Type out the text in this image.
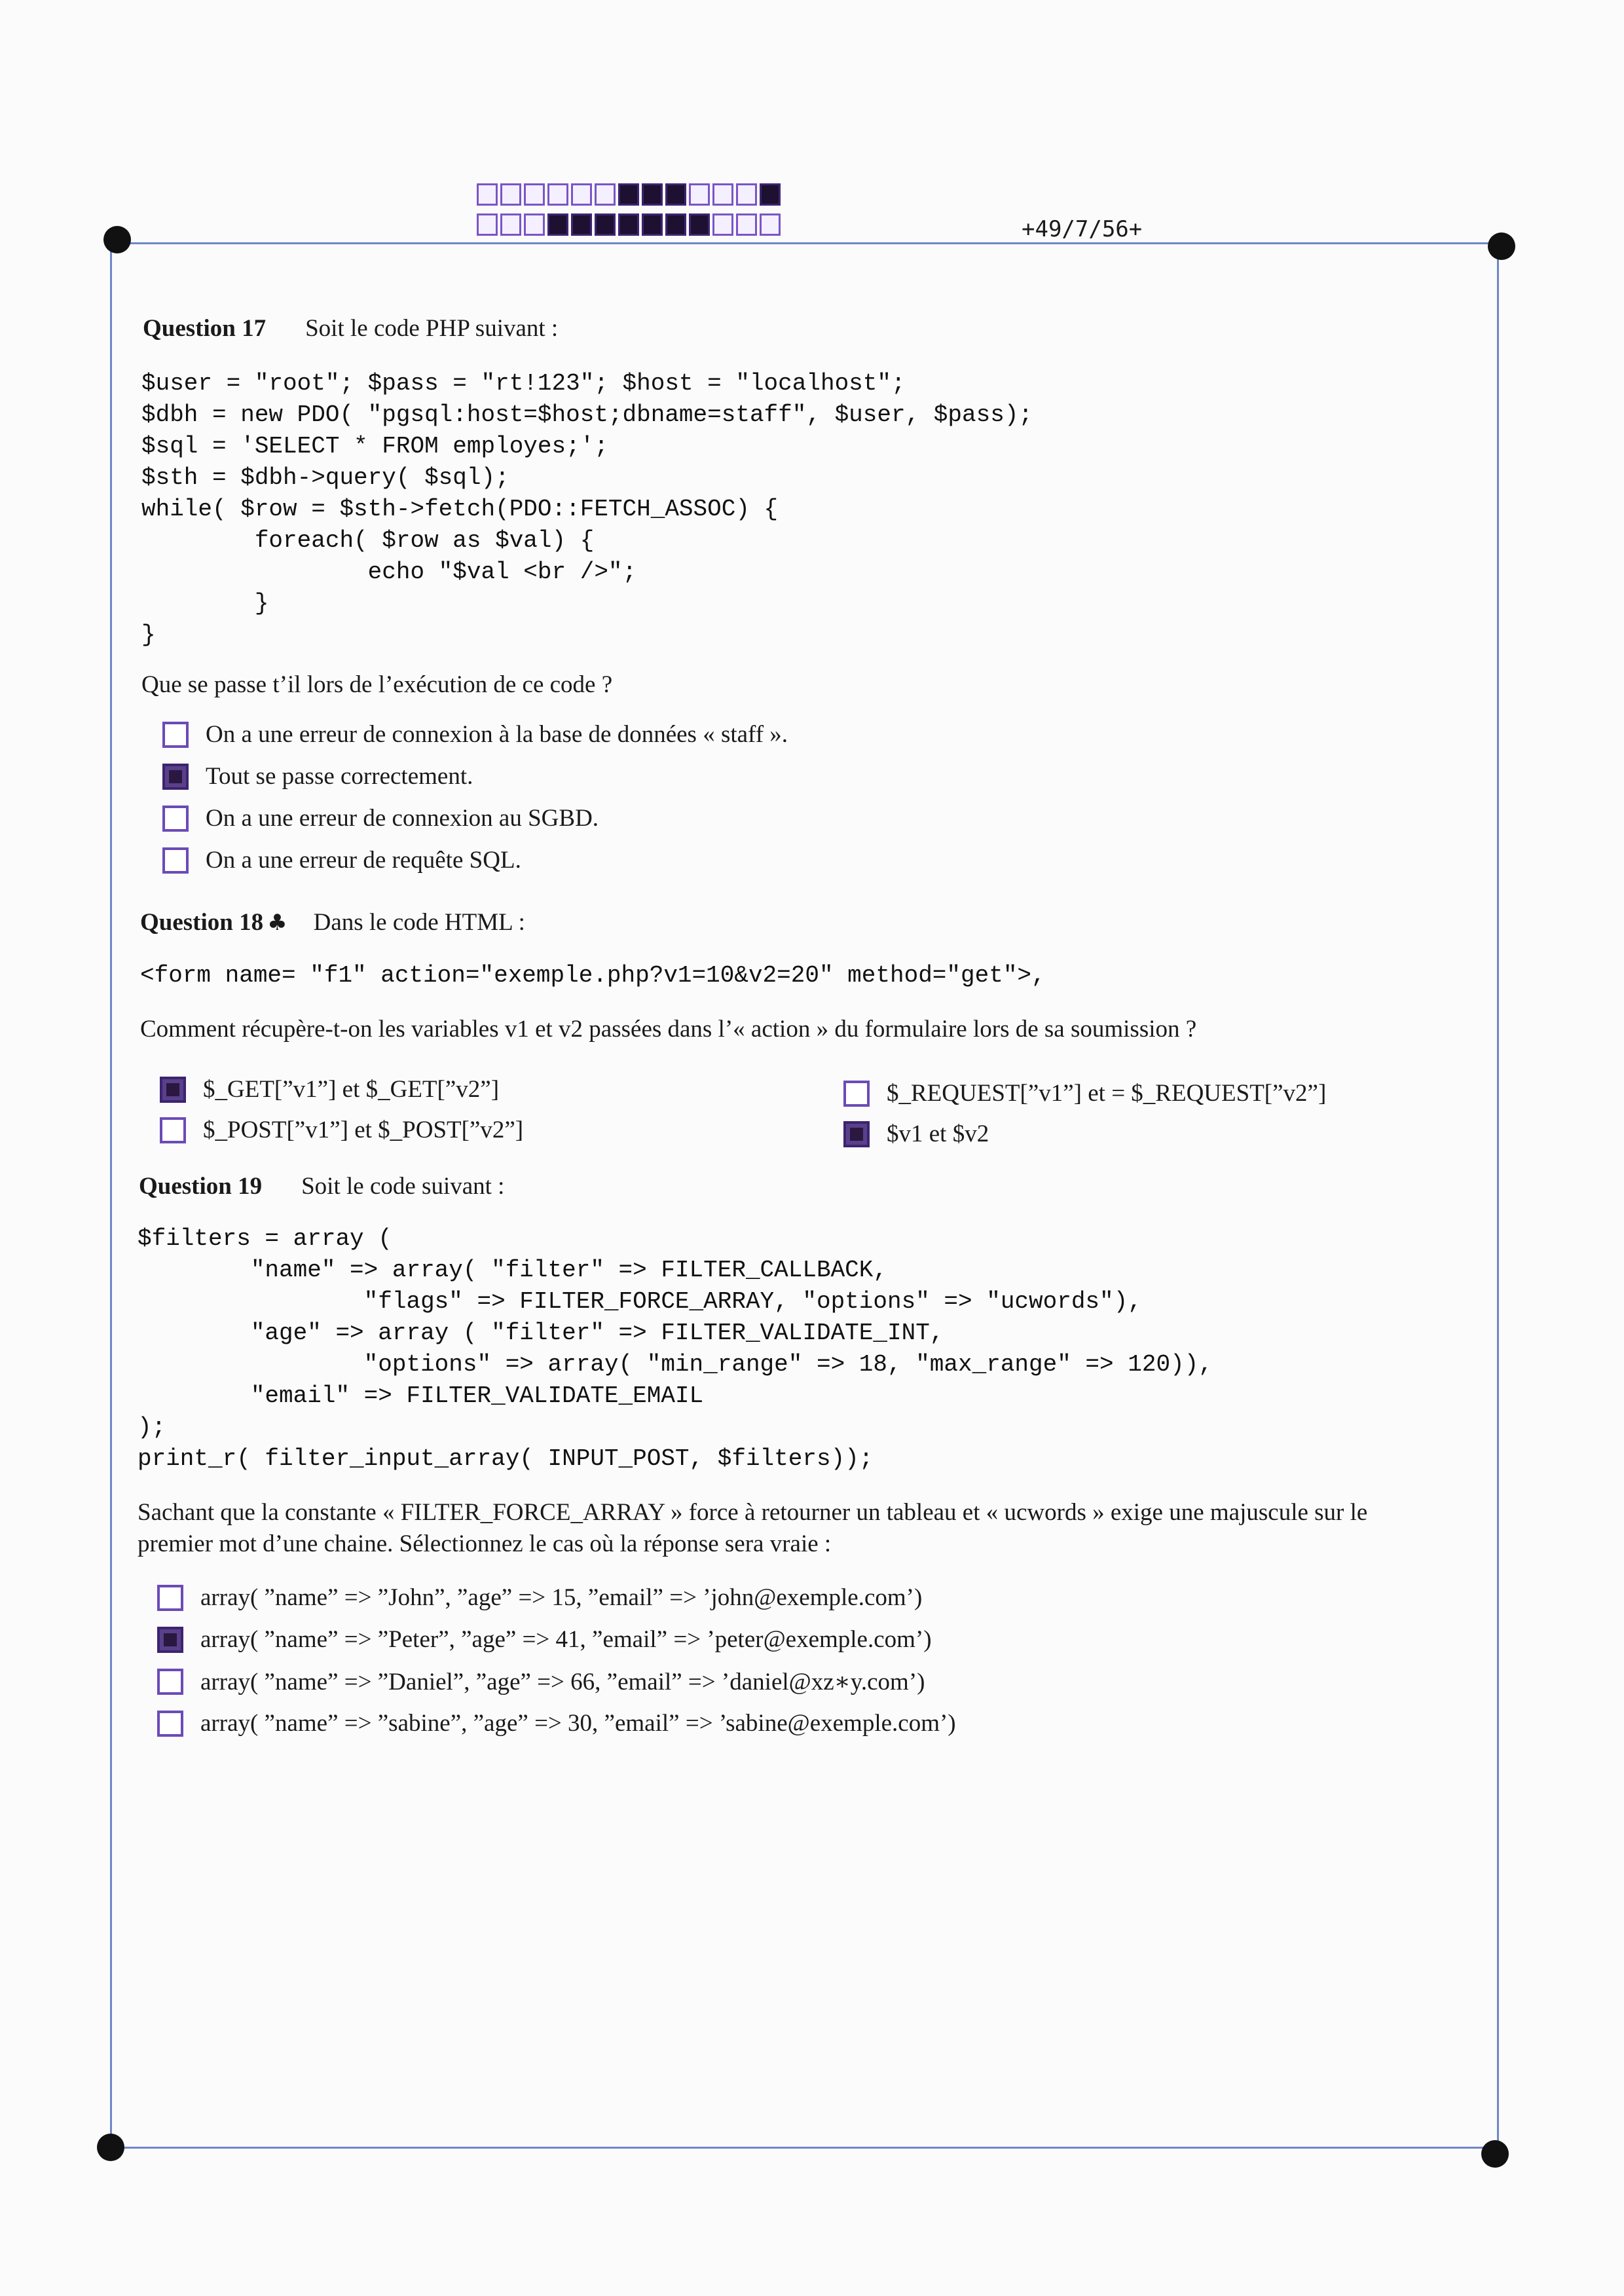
+49/7/56+
Question 17 Soit le code PHP suivant :
$user = "root"; $pass = "rt!123"; $host = "localhost";
$dbh = new PDO( "pgsql:host=$host;dbname=staff", $user, $pass);
$sql = 'SELECT * FROM employes;';
$sth = $dbh->query( $sql);
while( $row = $sth->fetch(PDO::FETCH_ASSOC) {
foreach( $row as $val) {
echo "$val <br />";
}
}
Que se passe t’il lors de l’exécution de ce code ?
On a une erreur de connexion à la base de données « staff ».
Tout se passe correctement.
On a une erreur de connexion au SGBD.
On a une erreur de requête SQL.
Question 18 ♣ Dans le code HTML :
<form name= "f1" action="exemple.php?v1=10&v2=20" method="get">,
Comment récupère-t-on les variables v1 et v2 passées dans l’« action » du formulaire lors de sa soumission ?
$_GET[”v1”] et $_GET[”v2”]
$_POST[”v1”] et $_POST[”v2”]
$_REQUEST[”v1”] et = $_REQUEST[”v2”]
$v1 et $v2
Question 19 Soit le code suivant :
$filters = array (
"name" => array( "filter" => FILTER_CALLBACK,
"flags" => FILTER_FORCE_ARRAY, "options" => "ucwords"),
"age" => array ( "filter" => FILTER_VALIDATE_INT,
"options" => array( "min_range" => 18, "max_range" => 120)),
"email" => FILTER_VALIDATE_EMAIL
);
print_r( filter_input_array( INPUT_POST, $filters));
Sachant que la constante « FILTER_FORCE_ARRAY » force à retourner un tableau et « ucwords » exige une majuscule sur le
premier mot d’une chaine. Sélectionnez le cas où la réponse sera vraie :
array( ”name” => ”John”, ”age” => 15, ”email” => ’john@exemple.com’)
array( ”name” => ”Peter”, ”age” => 41, ”email” => ’peter@exemple.com’)
array( ”name” => ”Daniel”, ”age” => 66, ”email” => ’daniel@xz∗y.com’)
array( ”name” => ”sabine”, ”age” => 30, ”email” => ’sabine@exemple.com’)
